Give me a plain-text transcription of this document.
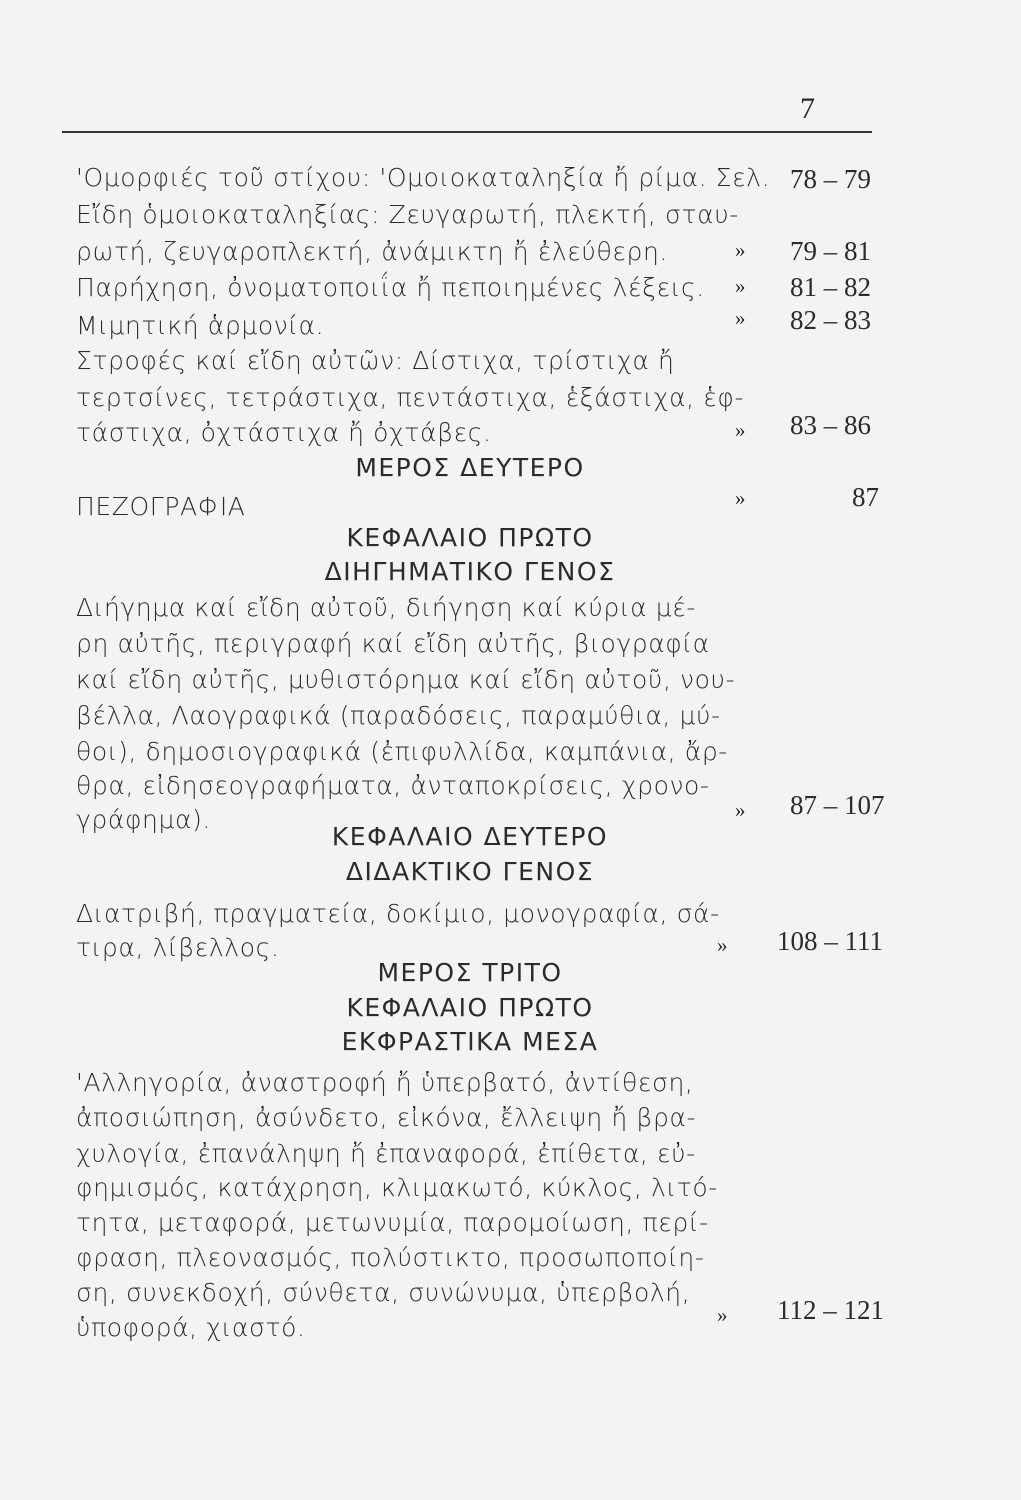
7
'Ομορφιές τοῦ στίχου: 'Ομοιοκαταληξία ἤ ρίμα. Σελ. 78 – 79
Εἴδη ὁμοιοκαταληξίας: Ζευγαρωτή, πλεκτή, σταυ-
ρωτή, ζευγαροπλεκτή, ἀνάμικτη ἤ ἐλεύθερη.	» 79 – 81
Παρήχηση, ὀνοματοποιΐα ἤ πεποιημένες λέξεις. » 81 – 82
Μιμητική ἁρμονία.	» 82 – 83
Στροφές καί εἴδη αὐτῶν: Δίστιχα, τρίστιχα ἤ
τερτσίνες, τετράστιχα, πεντάστιχα, ἑξάστιχα, ἑφ-
τάστιχα, ὀχτάστιχα ἤ ὀχτάβες.	» 83 – 86
ΜΕΡΟΣ ΔΕΥΤΕΡΟ
ΠΕΖΟΓΡΑΦΙΑ	»	87
ΚΕΦΑΛΑΙΟ ΠΡΩΤΟ
ΔΙΗΓΗΜΑΤΙΚΟ ΓΕΝΟΣ
Διήγημα καί εἴδη αὐτοῦ, διήγηση καί κύρια μέ-
ρη αὐτῆς, περιγραφή καί εἴδη αὐτῆς, βιογραφία
καί εἴδη αὐτῆς, μυθιστόρημα καί εἴδη αὐτοῦ, νου-
βέλλα, Λαογραφικά (παραδόσεις, παραμύθια, μύ-
θοι), δημοσιογραφικά (ἐπιφυλλίδα, καμπάνια, ἄρ-
θρα, εἰδησεογραφήματα, ἀνταποκρίσεις, χρονο-
γράφημα).	» 87 – 107
ΚΕΦΑΛΑΙΟ ΔΕΥΤΕΡΟ
ΔΙΔΑΚΤΙΚΟ ΓΕΝΟΣ
Διατριβή, πραγματεία, δοκίμιο, μονογραφία, σά-
τιρα, λίβελλος.	» 108 – 111
ΜΕΡΟΣ ΤΡΙΤΟ
ΚΕΦΑΛΑΙΟ ΠΡΩΤΟ
ΕΚΦΡΑΣΤΙΚΑ ΜΕΣΑ
'Αλληγορία, ἀναστροφή ἤ ὑπερβατό, ἀντίθεση,
ἀποσιώπηση, ἀσύνδετο, εἰκόνα, ἔλλειψη ἤ βρα-
χυλογία, ἐπανάληψη ἤ ἐπαναφορά, ἐπίθετα, εὐ-
φημισμός, κατάχρηση, κλιμακωτό, κύκλος, λιτό-
τητα, μεταφορά, μετωνυμία, παρομοίωση, περί-
φραση, πλεονασμός, πολύστικτο, προσωποποίη-
ση, συνεκδοχή, σύνθετα, συνώνυμα, ὑπερβολή,
ὑποφορά, χιαστό.	» 112 – 121
